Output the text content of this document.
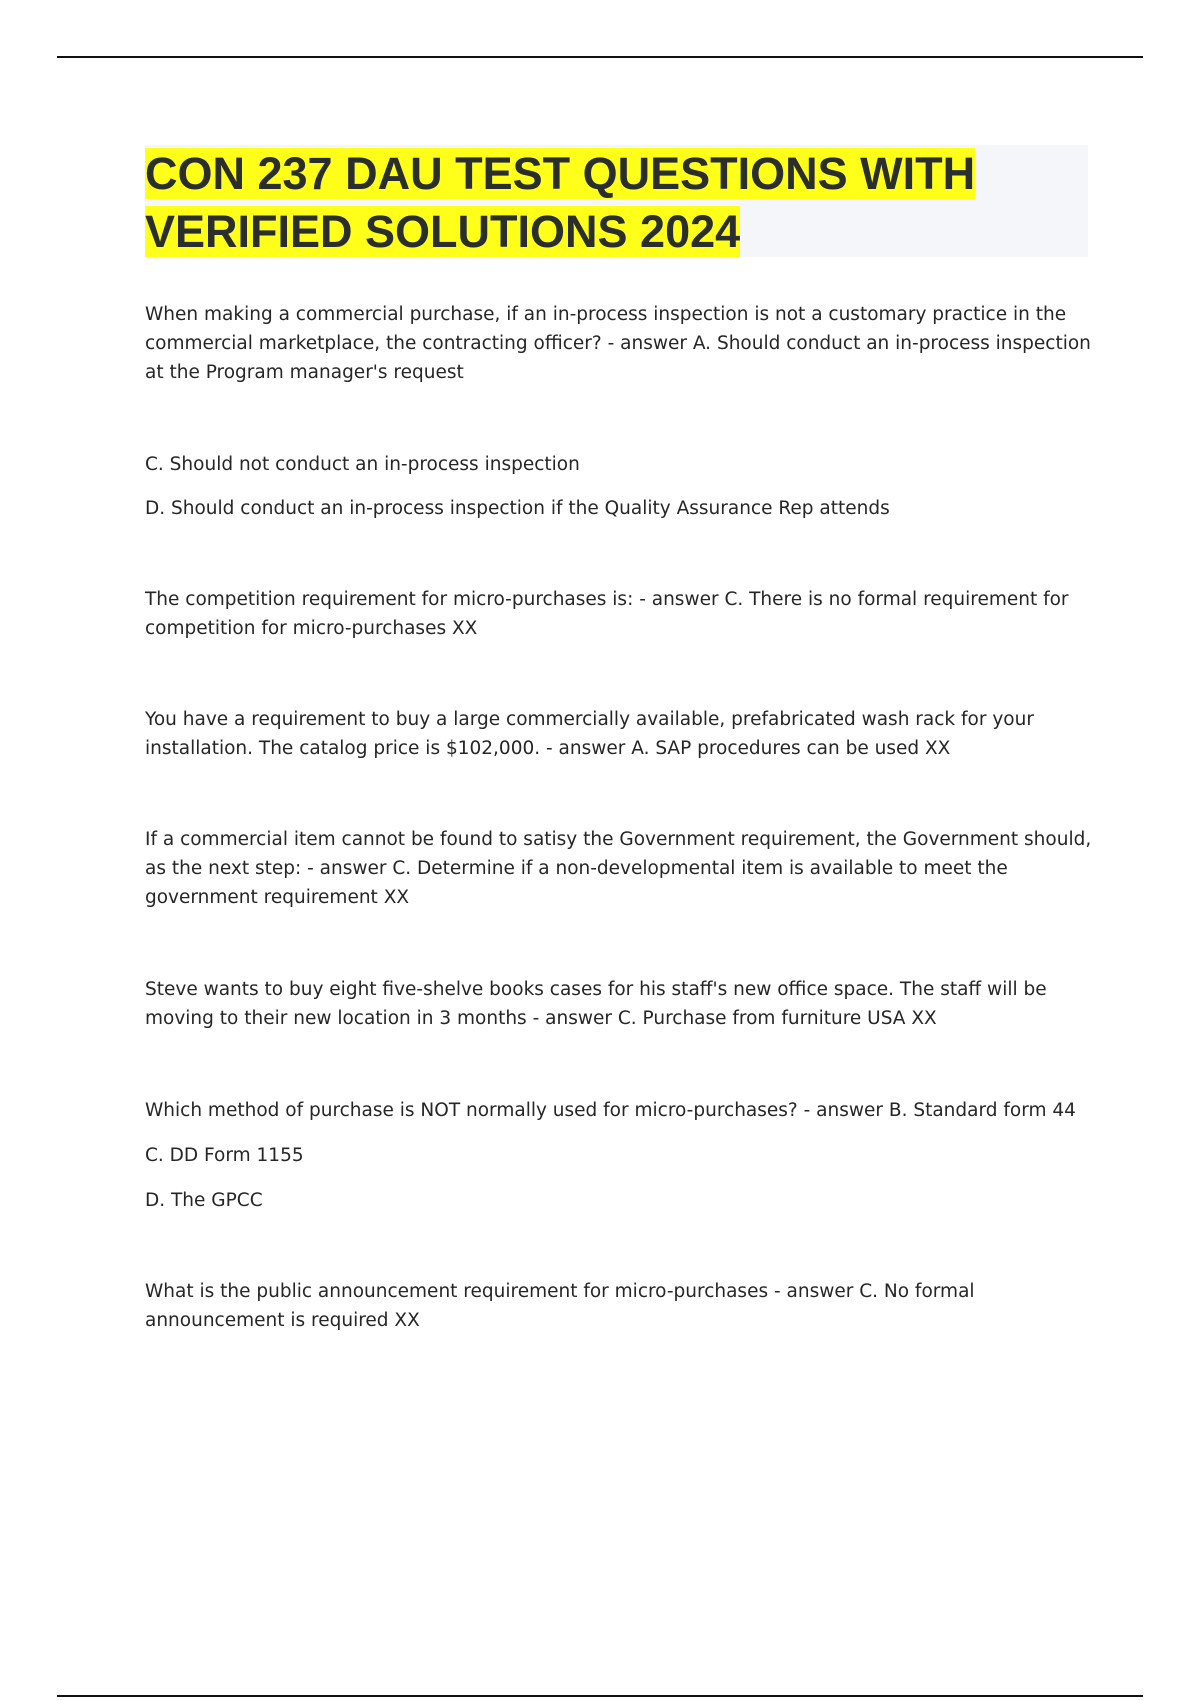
CON 237 DAU TEST QUESTIONS WITH
VERIFIED SOLUTIONS 2024

When making a commercial purchase, if an in-process inspection is not a customary practice in the commercial marketplace, the contracting officer? - answer A. Should conduct an in-process inspection at the Program manager's request

C. Should not conduct an in-process inspection

D. Should conduct an in-process inspection if the Quality Assurance Rep attends

The competition requirement for micro-purchases is: - answer C. There is no formal requirement for competition for micro-purchases XX

You have a requirement to buy a large commercially available, prefabricated wash rack for your installation. The catalog price is $102,000. - answer A. SAP procedures can be used XX

If a commercial item cannot be found to satisy the Government requirement, the Government should, as the next step: - answer C. Determine if a non-developmental item is available to meet the government requirement XX

Steve wants to buy eight five-shelve books cases for his staff's new office space. The staff will be moving to their new location in 3 months - answer C. Purchase from furniture USA XX

Which method of purchase is NOT normally used for micro-purchases? - answer B. Standard form 44

C. DD Form 1155

D. The GPCC

What is the public announcement requirement for micro-purchases - answer C. No formal announcement is required XX
